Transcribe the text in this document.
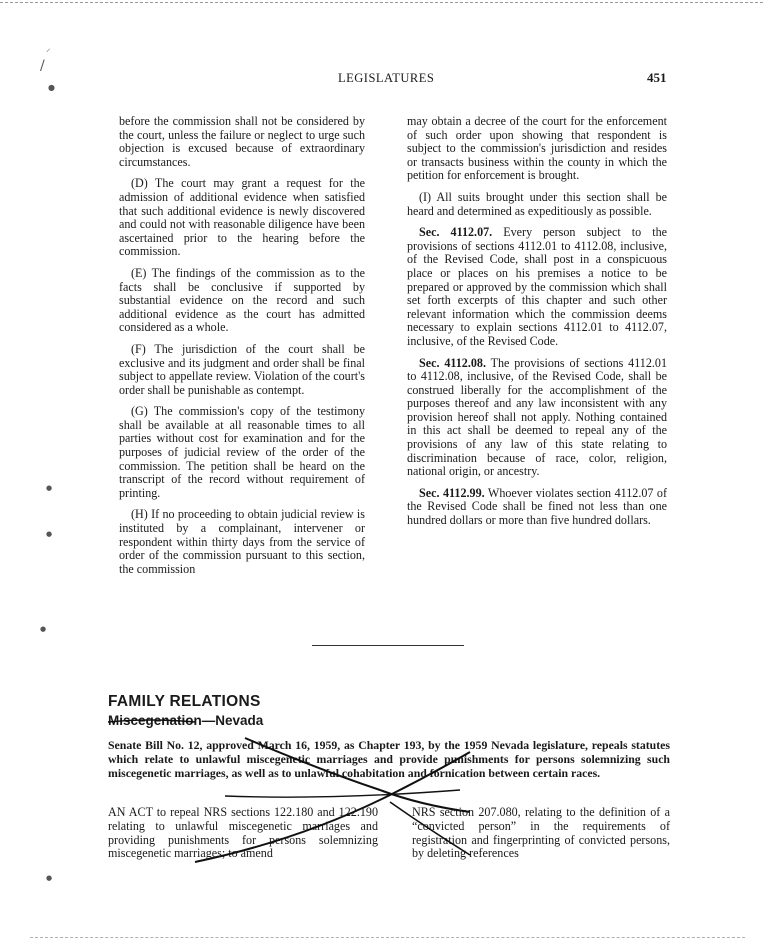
LEGISLATURES	451
⸍
/
●
●
●
●
●

before the commission shall not be considered by the court, unless the failure or neglect to urge such objection is excused because of extraordinary circumstances.

(D) The court may grant a request for the admission of additional evidence when satisfied that such additional evidence is newly discovered and could not with reasonable diligence have been ascertained prior to the hearing before the commission.

(E) The findings of the commission as to the facts shall be conclusive if supported by substantial evidence on the record and such additional evidence as the court has admitted considered as a whole.

(F) The jurisdiction of the court shall be exclusive and its judgment and order shall be final subject to appellate review. Violation of the court's order shall be punishable as contempt.

(G) The commission's copy of the testimony shall be available at all reasonable times to all parties without cost for examination and for the purposes of judicial review of the order of the commission. The petition shall be heard on the transcript of the record without requirement of printing.

(H) If no proceeding to obtain judicial review is instituted by a complainant, intervener or respondent within thirty days from the service of order of the commission pursuant to this section, the commission

may obtain a decree of the court for the enforcement of such order upon showing that respondent is subject to the commission's jurisdiction and resides or transacts business within the county in which the petition for enforcement is brought.

(I) All suits brought under this section shall be heard and determined as expeditiously as possible.

Sec. 4112.07. Every person subject to the provisions of sections 4112.01 to 4112.08, inclusive, of the Revised Code, shall post in a conspicuous place or places on his premises a notice to be prepared or approved by the commission which shall set forth excerpts of this chapter and such other relevant information which the commission deems necessary to explain sections 4112.01 to 4112.07, inclusive, of the Revised Code.

Sec. 4112.08. The provisions of sections 4112.01 to 4112.08, inclusive, of the Revised Code, shall be construed liberally for the accomplishment of the purposes thereof and any law inconsistent with any provision hereof shall not apply. Nothing contained in this act shall be deemed to repeal any of the provisions of any law of this state relating to discrimination because of race, color, religion, national origin, or ancestry.

Sec. 4112.99. Whoever violates section 4112.07 of the Revised Code shall be fined not less than one hundred dollars or more than five hundred dollars.

FAMILY RELATIONS
Miscegenation—Nevada
Senate Bill No. 12, approved March 16, 1959, as Chapter 193, by the 1959 Nevada legislature, repeals statutes which relate to unlawful miscegenetic marriages and provide punishments for persons solemnizing such miscegenetic marriages, as well as to unlawful cohabitation and fornication between certain races.
AN ACT to repeal NRS sections 122.180 and 122.190 relating to unlawful miscegenetic marriages and providing punishments for persons solemnizing miscegenetic marriages; to amend
NRS section 207.080, relating to the definition of a “convicted person” in the requirements of registration and fingerprinting of convicted persons, by deleting references
